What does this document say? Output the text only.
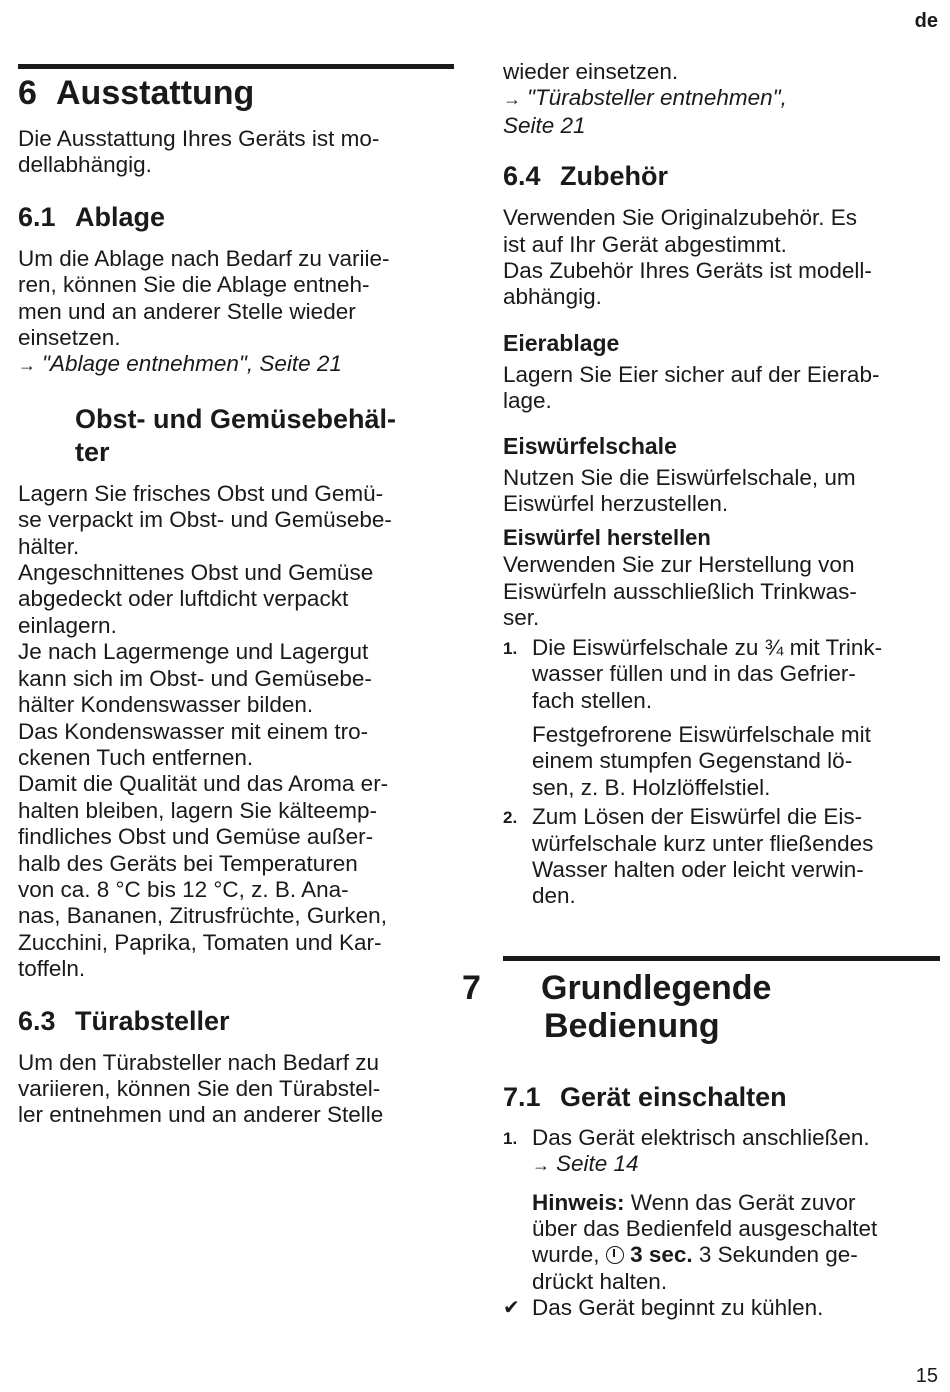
de
6 Ausstattung

Die Ausstattung Ihres Geräts ist mo-

dellabhängig.

6.1 Ablage

Um die Ablage nach Bedarf zu variie-

ren, können Sie die Ablage entneh-

men und an anderer Stelle wieder

einsetzen.

→ "Ablage entnehmen", Seite 21

Obst- und Gemüsebehäl-
ter

Lagern Sie frisches Obst und Gemü-

se verpackt im Obst- und Gemüsebe-

hälter.

Angeschnittenes Obst und Gemüse

abgedeckt oder luftdicht verpackt

einlagern.

Je nach Lagermenge und Lagergut

kann sich im Obst- und Gemüsebe-

hälter Kondenswasser bilden.

Das Kondenswasser mit einem tro-

ckenen Tuch entfernen.

Damit die Qualität und das Aroma er-

halten bleiben, lagern Sie kälteemp-

findliches Obst und Gemüse außer-

halb des Geräts bei Temperaturen

von ca. 8 °C bis 12 °C, z. B. Ana-

nas, Bananen, Zitrusfrüchte, Gurken,

Zucchini, Paprika, Tomaten und Kar-

toffeln.

6.3 Türabsteller

Um den Türabsteller nach Bedarf zu

variieren, können Sie den Türabstel-

ler entnehmen und an anderer Stelle

wieder einsetzen.

→ "Türabsteller entnehmen",

Seite 21

6.4 Zubehör

Verwenden Sie Originalzubehör. Es

ist auf Ihr Gerät abgestimmt.

Das Zubehör Ihres Geräts ist modell-

abhängig.

Eierablage

Lagern Sie Eier sicher auf der Eierab-

lage.

Eiswürfelschale

Nutzen Sie die Eiswürfelschale, um

Eiswürfel herzustellen.

Eiswürfel herstellen

Verwenden Sie zur Herstellung von

Eiswürfeln ausschließlich Trinkwas-

ser.

1. Die Eiswürfelschale zu ¾ mit Trink-

wasser füllen und in das Gefrier-

fach stellen.

Festgefrorene Eiswürfelschale mit

einem stumpfen Gegenstand lö-

sen, z. B. Holzlöffelstiel.

2. Zum Lösen der Eiswürfel die Eis-

würfelschale kurz unter fließendes

Wasser halten oder leicht verwin-

den.

7 Grundlegende
Bedienung
7.1 Gerät einschalten
1. Das Gerät elektrisch anschließen.

→ Seite 14

Hinweis: Wenn das Gerät zuvor

über das Bedienfeld ausgeschaltet

wurde, 3 sec. 3 Sekunden ge-

drückt halten.

✔ Das Gerät beginnt zu kühlen.

15
